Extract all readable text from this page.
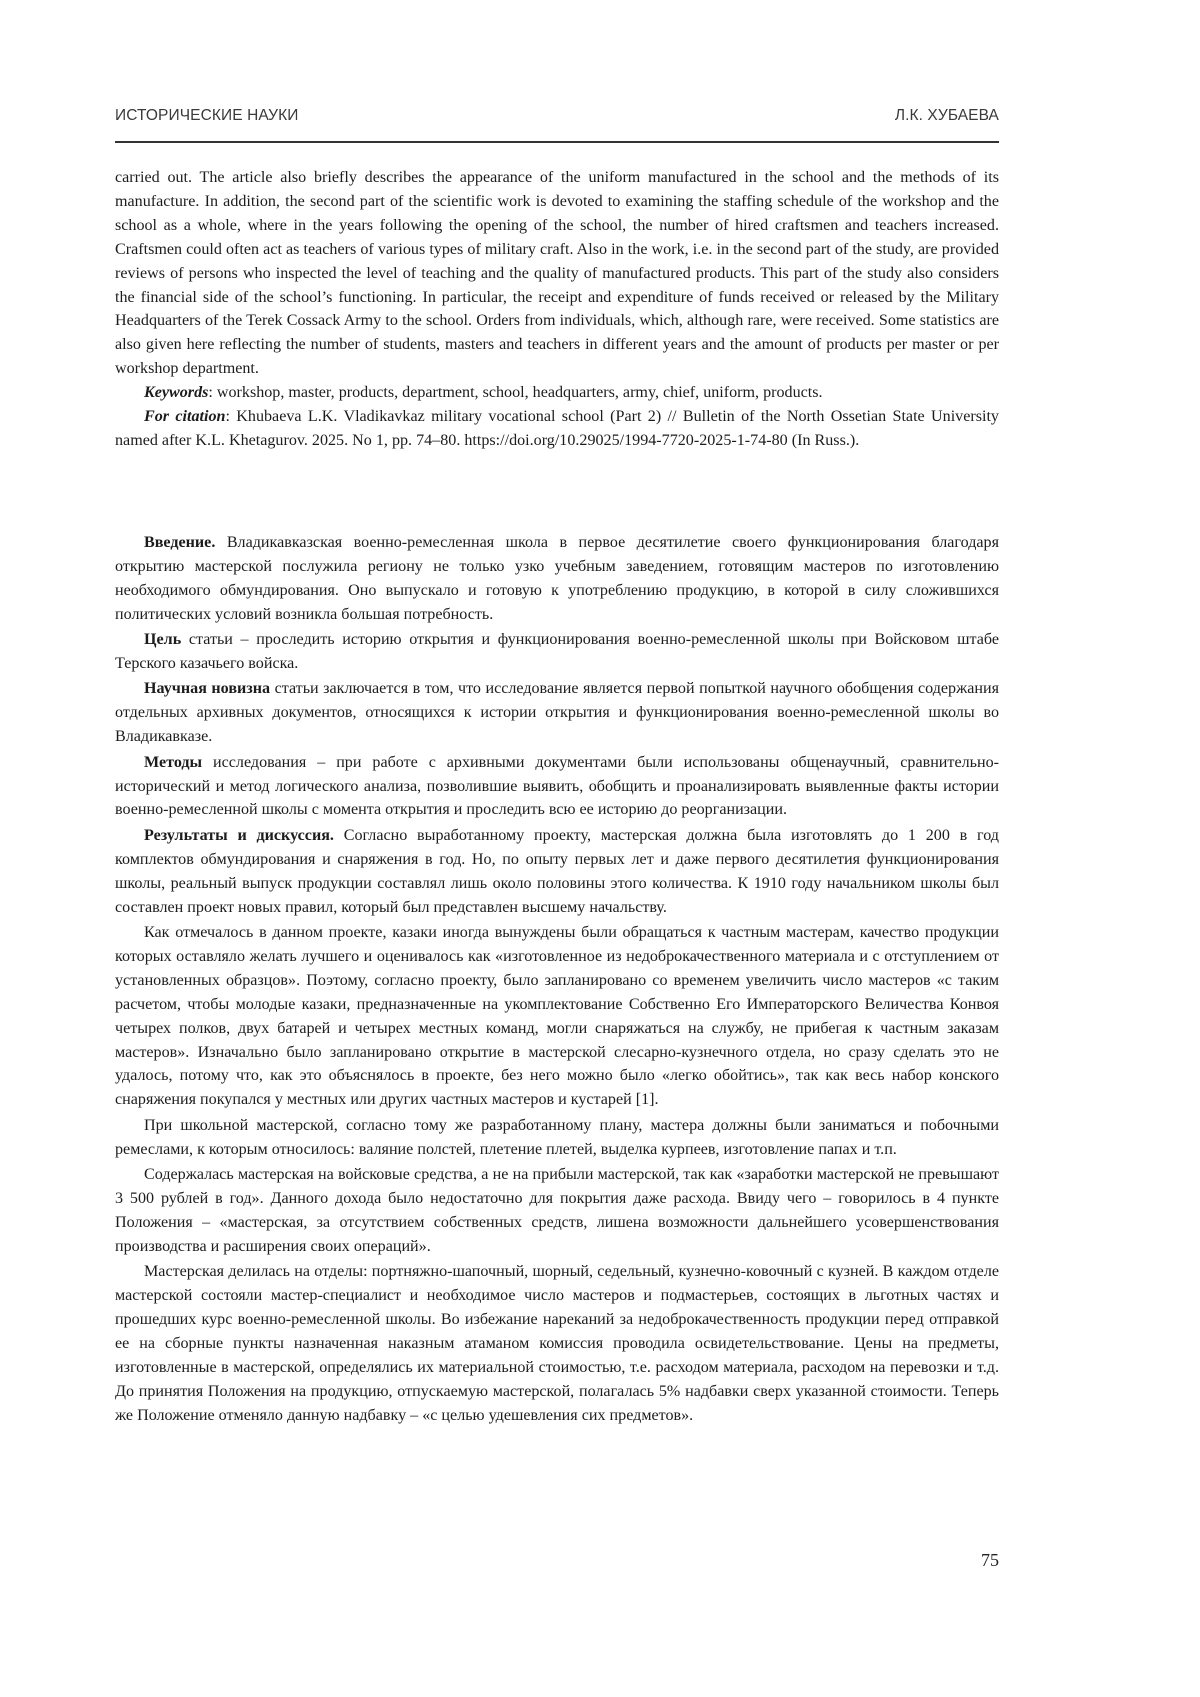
ИСТОРИЧЕСКИЕ НАУКИ	Л.К. ХУБАЕВА

carried out. The article also briefly describes the appearance of the uniform manufactured in the school and the methods of its manufacture. In addition, the second part of the scientific work is devoted to examining the staffing schedule of the workshop and the school as a whole, where in the years following the opening of the school, the number of hired craftsmen and teachers increased. Craftsmen could often act as teachers of various types of military craft. Also in the work, i.e. in the second part of the study, are provided reviews of persons who inspected the level of teaching and the quality of manufactured products. This part of the study also considers the financial side of the school’s functioning. In particular, the receipt and expenditure of funds received or released by the Military Headquarters of the Terek Cossack Army to the school. Orders from individuals, which, although rare, were received. Some statistics are also given here reflecting the number of students, masters and teachers in different years and the amount of products per master or per workshop department.

Keywords: workshop, master, products, department, school, headquarters, army, chief, uniform, products.

For citation: Khubaeva L.K. Vladikavkaz military vocational school (Part 2) // Bulletin of the North Ossetian State University named after K.L. Khetagurov. 2025. No 1, pp. 74–80. https://doi.org/10.29025/1994-7720-2025-1-74-80 (In Russ.).

Введение. Владикавказская военно-ремесленная школа в первое десятилетие своего функционирования благодаря открытию мастерской послужила региону не только узко учебным заведением, готовящим мастеров по изготовлению необходимого обмундирования. Оно выпускало и готовую к употреблению продукцию, в которой в силу сложившихся политических условий возникла большая потребность.

Цель статьи – проследить историю открытия и функционирования военно-ремесленной школы при Войсковом штабе Терского казачьего войска.

Научная новизна статьи заключается в том, что исследование является первой попыткой научного обобщения содержания отдельных архивных документов, относящихся к истории открытия и функционирования военно-ремесленной школы во Владикавказе.

Методы исследования – при работе с архивными документами были использованы общенаучный, сравнительно-исторический и метод логического анализа, позволившие выявить, обобщить и проанализировать выявленные факты истории военно-ремесленной школы с момента открытия и проследить всю ее историю до реорганизации.

Результаты и дискуссия. Согласно выработанному проекту, мастерская должна была изготовлять до 1 200 в год комплектов обмундирования и снаряжения в год. Но, по опыту первых лет и даже первого десятилетия функционирования школы, реальный выпуск продукции составлял лишь около половины этого количества. К 1910 году начальником школы был составлен проект новых правил, который был представлен высшему начальству.

Как отмечалось в данном проекте, казаки иногда вынуждены были обращаться к частным мастерам, качество продукции которых оставляло желать лучшего и оценивалось как «изготовленное из недоброкачественного материала и с отступлением от установленных образцов». Поэтому, согласно проекту, было запланировано со временем увеличить число мастеров «с таким расчетом, чтобы молодые казаки, предназначенные на укомплектование Собственно Его Императорского Величества Конвоя четырех полков, двух батарей и четырех местных команд, могли снаряжаться на службу, не прибегая к частным заказам мастеров». Изначально было запланировано открытие в мастерской слесарно-кузнечного отдела, но сразу сделать это не удалось, потому что, как это объяснялось в проекте, без него можно было «легко обойтись», так как весь набор конского снаряжения покупался у местных или других частных мастеров и кустарей [1].

При школьной мастерской, согласно тому же разработанному плану, мастера должны были заниматься и побочными ремеслами, к которым относилось: валяние полстей, плетение плетей, выделка курпеев, изготовление папах и т.п.

Содержалась мастерская на войсковые средства, а не на прибыли мастерской, так как «заработки мастерской не превышают 3 500 рублей в год». Данного дохода было недостаточно для покрытия даже расхода. Ввиду чего – говорилось в 4 пункте Положения – «мастерская, за отсутствием собственных средств, лишена возможности дальнейшего усовершенствования производства и расширения своих операций».

Мастерская делилась на отделы: портняжно-шапочный, шорный, седельный, кузнечно-ковочный с кузней. В каждом отделе мастерской состояли мастер-специалист и необходимое число мастеров и подмастерьев, состоящих в льготных частях и прошедших курс военно-ремесленной школы. Во избежание нареканий за недоброкачественность продукции перед отправкой ее на сборные пункты назначенная наказным атаманом комиссия проводила освидетельствование. Цены на предметы, изготовленные в мастерской, определялись их материальной стоимостью, т.е. расходом материала, расходом на перевозки и т.д. До принятия Положения на продукцию, отпускаемую мастерской, полагалась 5% надбавки сверх указанной стоимости. Теперь же Положение отменяло данную надбавку – «с целью удешевления сих предметов».

75
